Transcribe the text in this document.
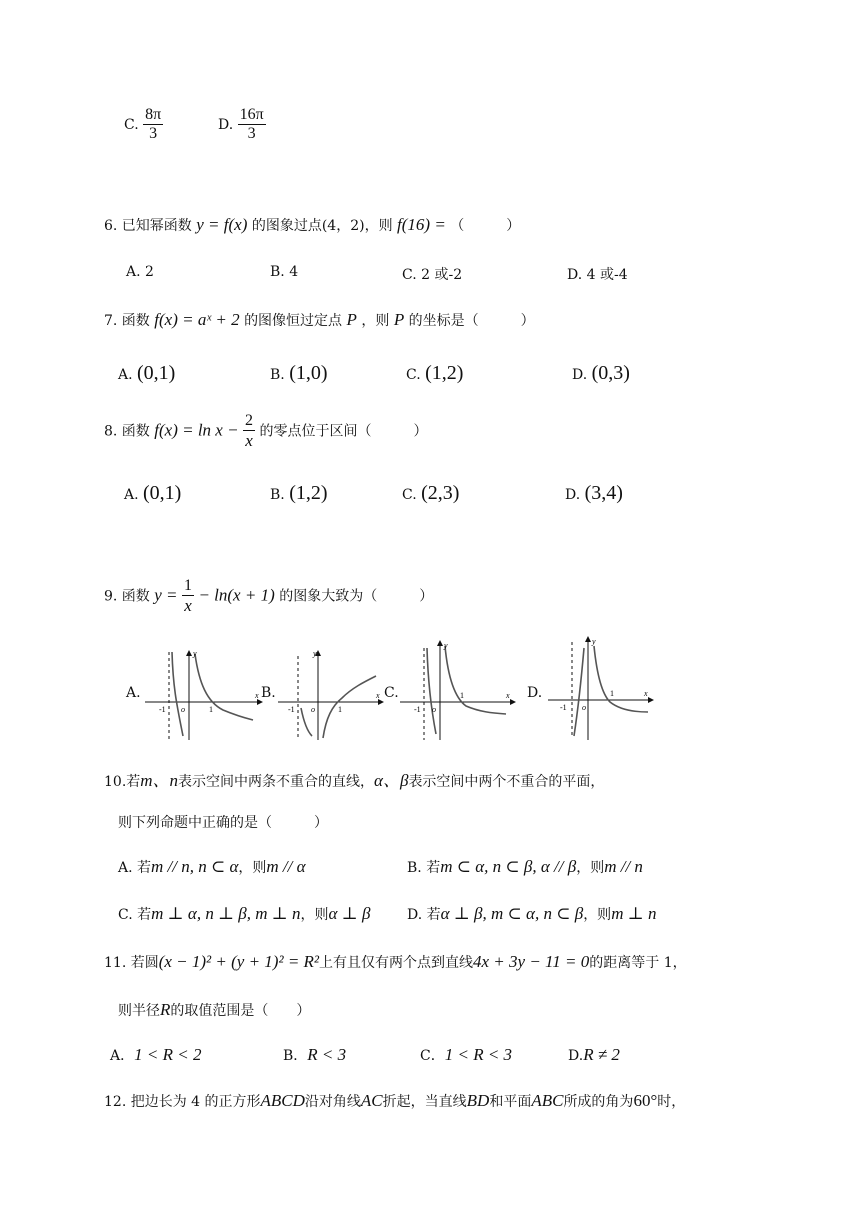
C. $\frac{8\pi}{3}$	D. $\frac{16\pi}{3}$
6. 已知幂函数 y = f(x) 的图象过点(4，2)，则 f(16) = （　　　）
A. 2	B. 4	C. 2 或-2	D. 4 或-4
7. 函数 f(x) = aˣ + 2 的图像恒过定点 P ，则 P 的坐标是（　　　）
A. (0,1)	B. (1,0)	C. (1,2)	D. (0,3)
8. 函数 $f(x) = \ln x - \frac{2}{x}$ 的零点位于区间（　　　）
A. (0,1)	B. (1,2)	C. (2,3)	D. (3,4)
9. 函数 $y = \frac{1}{x} - \ln(x + 1)$ 的图象大致为（　　　）
A.	B.	C.	D.
y
x
o
-1	1
y
x
o
-1	1
y
x
o
-1
1
y
x
o
-1
1
10.若m、n表示空间中两条不重合的直线，α、β表示空间中两个不重合的平面，
则下列命题中正确的是（　　　）
A. 若m // n, n ⊂ α，则m // α	B. 若m ⊂ α, n ⊂ β, α // β，则m // n
C. 若m ⊥ α, n ⊥ β, m ⊥ n，则α ⊥ β	D. 若α ⊥ β, m ⊂ α, n ⊂ β，则m ⊥ n
11. 若圆(x − 1)² + (y + 1)² = R²上有且仅有两个点到直线4x + 3y − 11 = 0的距离等于 1，
则半径R的取值范围是（　　）
A．1 < R < 2	B．R < 3	C．1 < R < 3	D.R ≠ 2
12. 把边长为 4 的正方形ABCD沿对角线AC折起，当直线BD和平面ABC所成的角为60°时，
